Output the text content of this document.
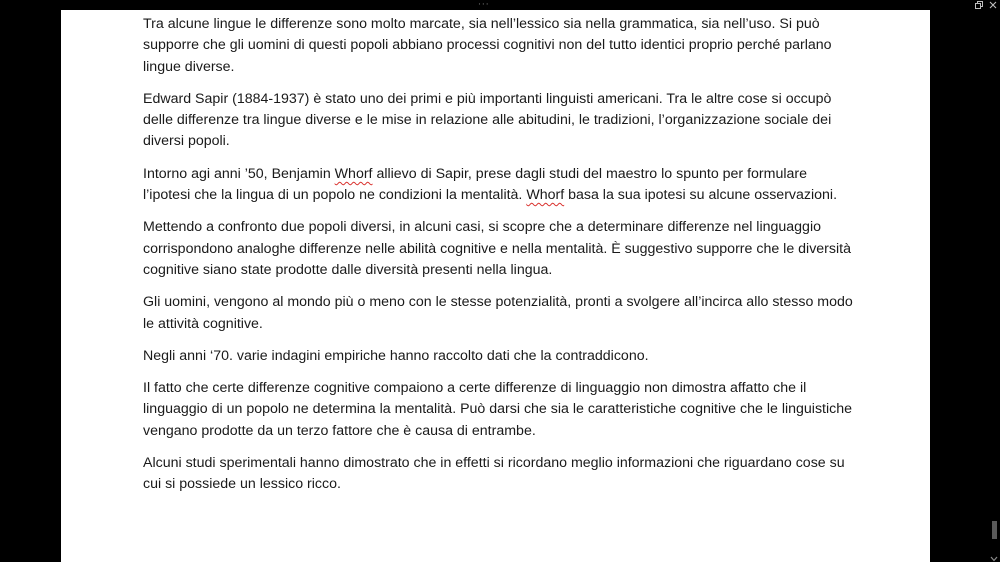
···

Tra alcune lingue le differenze sono molto marcate, sia nell’lessico sia nella grammatica, sia nell’uso. Si può supporre che gli uomini di questi popoli abbiano processi cognitivi non del tutto identici proprio perché parlano lingue diverse.

Edward Sapir (1884-1937) è stato uno dei primi e più importanti linguisti americani. Tra le altre cose si occupò delle differenze tra lingue diverse e le mise in relazione alle abitudini, le tradizioni, l’organizzazione sociale dei diversi popoli.

Intorno agi anni ’50, Benjamin Whorf allievo di Sapir, prese dagli studi del maestro lo spunto per formulare l’ipotesi che la lingua di un popolo ne condizioni la mentalità. Whorf basa la sua ipotesi su alcune osservazioni.

Mettendo a confronto due popoli diversi, in alcuni casi, si scopre che a determinare differenze nel linguaggio corrispondono analoghe differenze nelle abilità cognitive e nella mentalità. È suggestivo supporre che le diversità cognitive siano state prodotte dalle diversità presenti nella lingua.

Gli uomini, vengono al mondo più o meno con le stesse potenzialità, pronti a svolgere all’incirca allo stesso modo le attività cognitive.

Negli anni ‘70. varie indagini empiriche hanno raccolto dati che la contraddicono.

Il fatto che certe differenze cognitive compaiono a certe differenze di linguaggio non dimostra affatto che il linguaggio di un popolo ne determina la mentalità. Può darsi che sia le caratteristiche cognitive che le linguistiche vengano prodotte da un terzo fattore che è causa di entrambe.

Alcuni studi sperimentali hanno dimostrato che in effetti si ricordano meglio informazioni che riguardano cose su cui si possiede un lessico ricco.
